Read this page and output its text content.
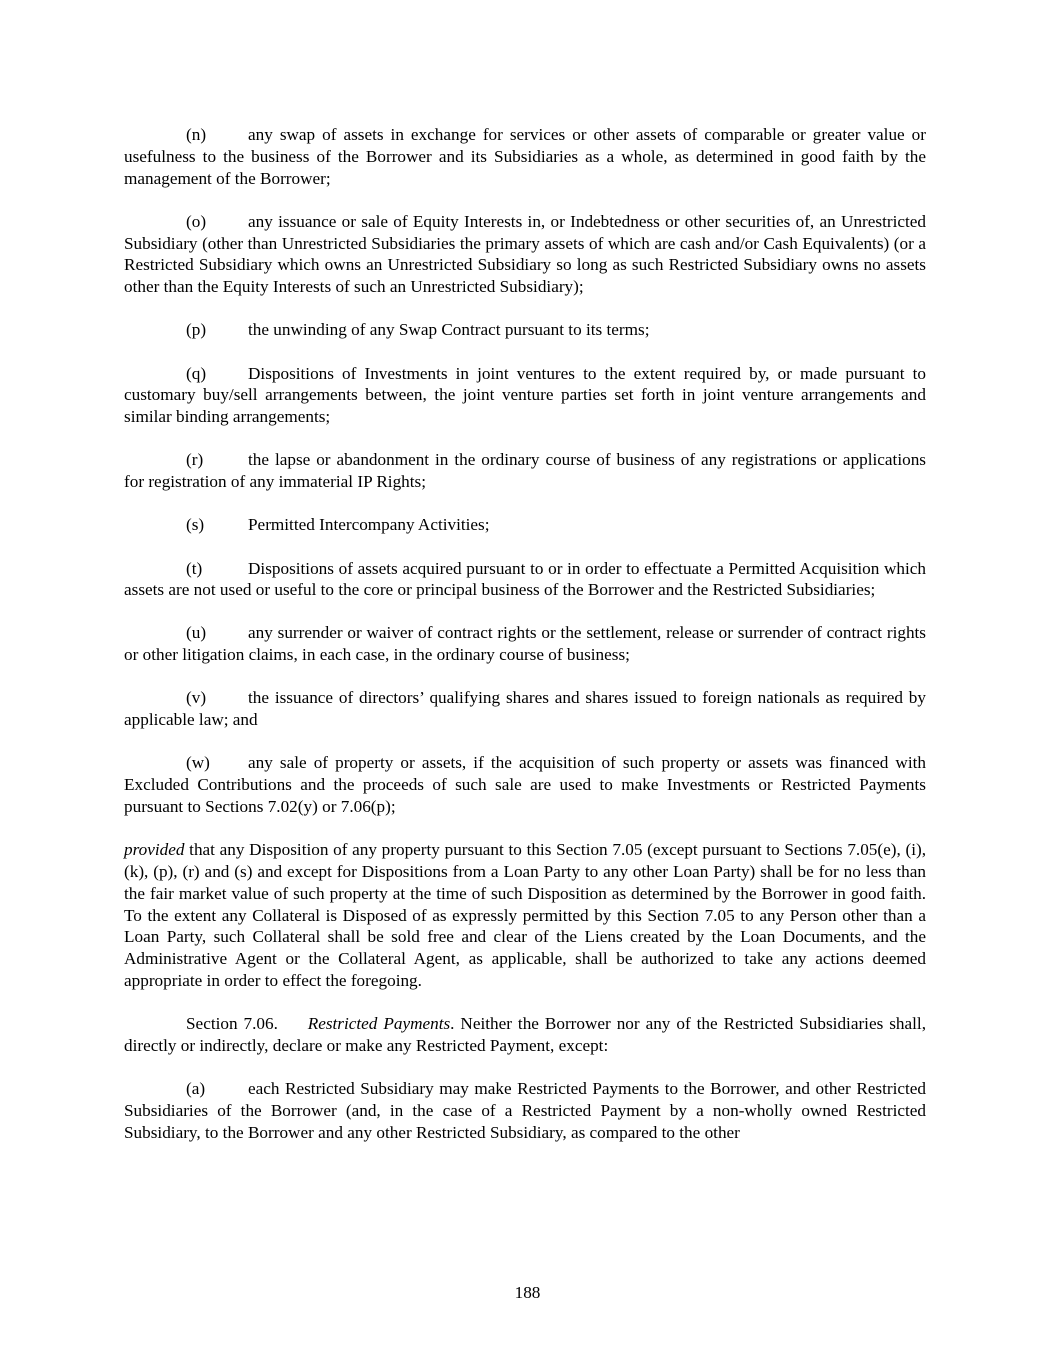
(n) any swap of assets in exchange for services or other assets of comparable or greater value or usefulness to the business of the Borrower and its Subsidiaries as a whole, as determined in good faith by the management of the Borrower;

(o) any issuance or sale of Equity Interests in, or Indebtedness or other securities of, an Unrestricted Subsidiary (other than Unrestricted Subsidiaries the primary assets of which are cash and/or Cash Equivalents) (or a Restricted Subsidiary which owns an Unrestricted Subsidiary so long as such Restricted Subsidiary owns no assets other than the Equity Interests of such an Unrestricted Subsidiary);

(p) the unwinding of any Swap Contract pursuant to its terms;

(q) Dispositions of Investments in joint ventures to the extent required by, or made pursuant to customary buy/sell arrangements between, the joint venture parties set forth in joint venture arrangements and similar binding arrangements;

(r)	the lapse or abandonment in the ordinary course of business of any registrations or applications for registration of any immaterial IP Rights;

(s)	Permitted Intercompany Activities;

(t)	Dispositions of assets acquired pursuant to or in order to effectuate a Permitted Acquisition which assets are not used or useful to the core or principal business of the Borrower and the Restricted Subsidiaries;

(u) any surrender or waiver of contract rights or the settlement, release or surrender of contract rights or other litigation claims, in each case, in the ordinary course of business;

(v) the issuance of directors’ qualifying shares and shares issued to foreign nationals as required by applicable law; and

(w) any sale of property or assets, if the acquisition of such property or assets was financed with Excluded Contributions and the proceeds of such sale are used to make Investments or Restricted Payments pursuant to Sections 7.02(y) or 7.06(p);

provided that any Disposition of any property pursuant to this Section 7.05 (except pursuant to Sections 7.05(e), (i), (k), (p), (r) and (s) and except for Dispositions from a Loan Party to any other Loan Party) shall be for no less than the fair market value of such property at the time of such Disposition as determined by the Borrower in good faith. To the extent any Collateral is Disposed of as expressly permitted by this Section 7.05 to any Person other than a Loan Party, such Collateral shall be sold free and clear of the Liens created by the Loan Documents, and the Administrative Agent or the Collateral Agent, as applicable, shall be authorized to take any actions deemed appropriate in order to effect the foregoing.

Section 7.06. Restricted Payments. Neither the Borrower nor any of the Restricted Subsidiaries shall, directly or indirectly, declare or make any Restricted Payment, except:

(a) each Restricted Subsidiary may make Restricted Payments to the Borrower, and other Restricted Subsidiaries of the Borrower (and, in the case of a Restricted Payment by a non-wholly owned Restricted Subsidiary, to the Borrower and any other Restricted Subsidiary, as compared to the other

188
